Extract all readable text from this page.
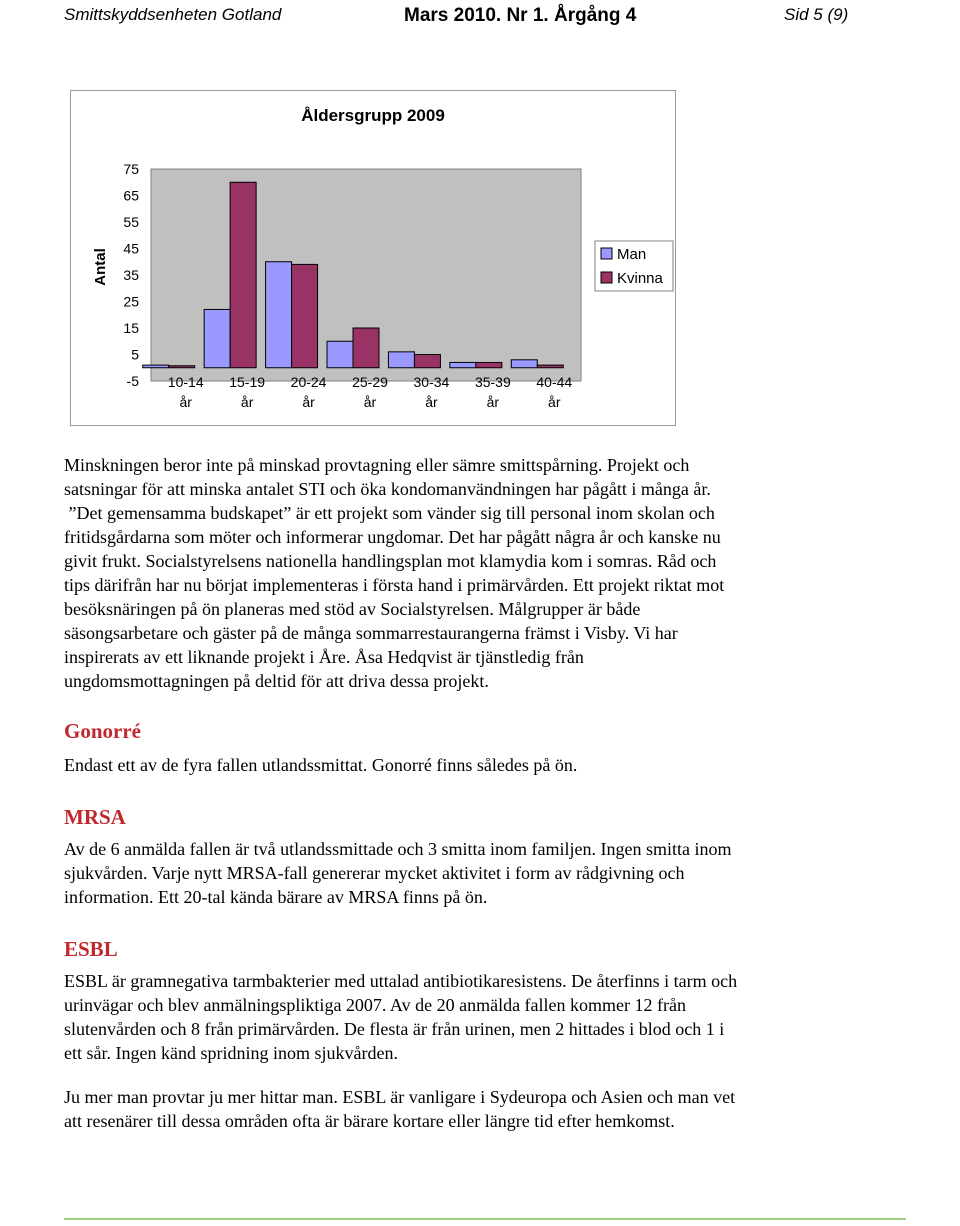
Smittskyddsenheten Gotland	Mars 2010. Nr 1. Årgång 4	Sid 5 (9)
Åldersgrupp 2009
Antal
75
65
55
45
35
25
15
5
-5 10-14
år
15-19
år
20-24
år
25-29
år
30-34
år
35-39
år
40-44
år
Man
Kvinna

Minskningen beror inte på minskad provtagning eller sämre smittspårning. Projekt och

satsningar för att minska antalet STI och öka kondomanvändningen har pågått i många år.

”Det gemensamma budskapet” är ett projekt som vänder sig till personal inom skolan och

fritidsgårdarna som möter och informerar ungdomar. Det har pågått några år och kanske nu

givit frukt. Socialstyrelsens nationella handlingsplan mot klamydia kom i somras. Råd och

tips därifrån har nu börjat implementeras i första hand i primärvården. Ett projekt riktat mot

besöksnäringen på ön planeras med stöd av Socialstyrelsen. Målgrupper är både

säsongsarbetare och gäster på de många sommarrestaurangerna främst i Visby. Vi har

inspirerats av ett liknande projekt i Åre. Åsa Hedqvist är tjänstledig från

ungdomsmottagningen på deltid för att driva dessa projekt.

Gonorré

Endast ett av de fyra fallen utlandssmittat. Gonorré finns således på ön.

MRSA

Av de 6 anmälda fallen är två utlandssmittade och 3 smitta inom familjen. Ingen smitta inom

sjukvården. Varje nytt MRSA-fall genererar mycket aktivitet i form av rådgivning och

information. Ett 20-tal kända bärare av MRSA finns på ön.

ESBL

ESBL är gramnegativa tarmbakterier med uttalad antibiotikaresistens. De återfinns i tarm och

urinvägar och blev anmälningspliktiga 2007. Av de 20 anmälda fallen kommer 12 från

slutenvården och 8 från primärvården. De flesta är från urinen, men 2 hittades i blod och 1 i

ett sår. Ingen känd spridning inom sjukvården.

Ju mer man provtar ju mer hittar man. ESBL är vanligare i Sydeuropa och Asien och man vet

att resenärer till dessa områden ofta är bärare kortare eller längre tid efter hemkomst.
